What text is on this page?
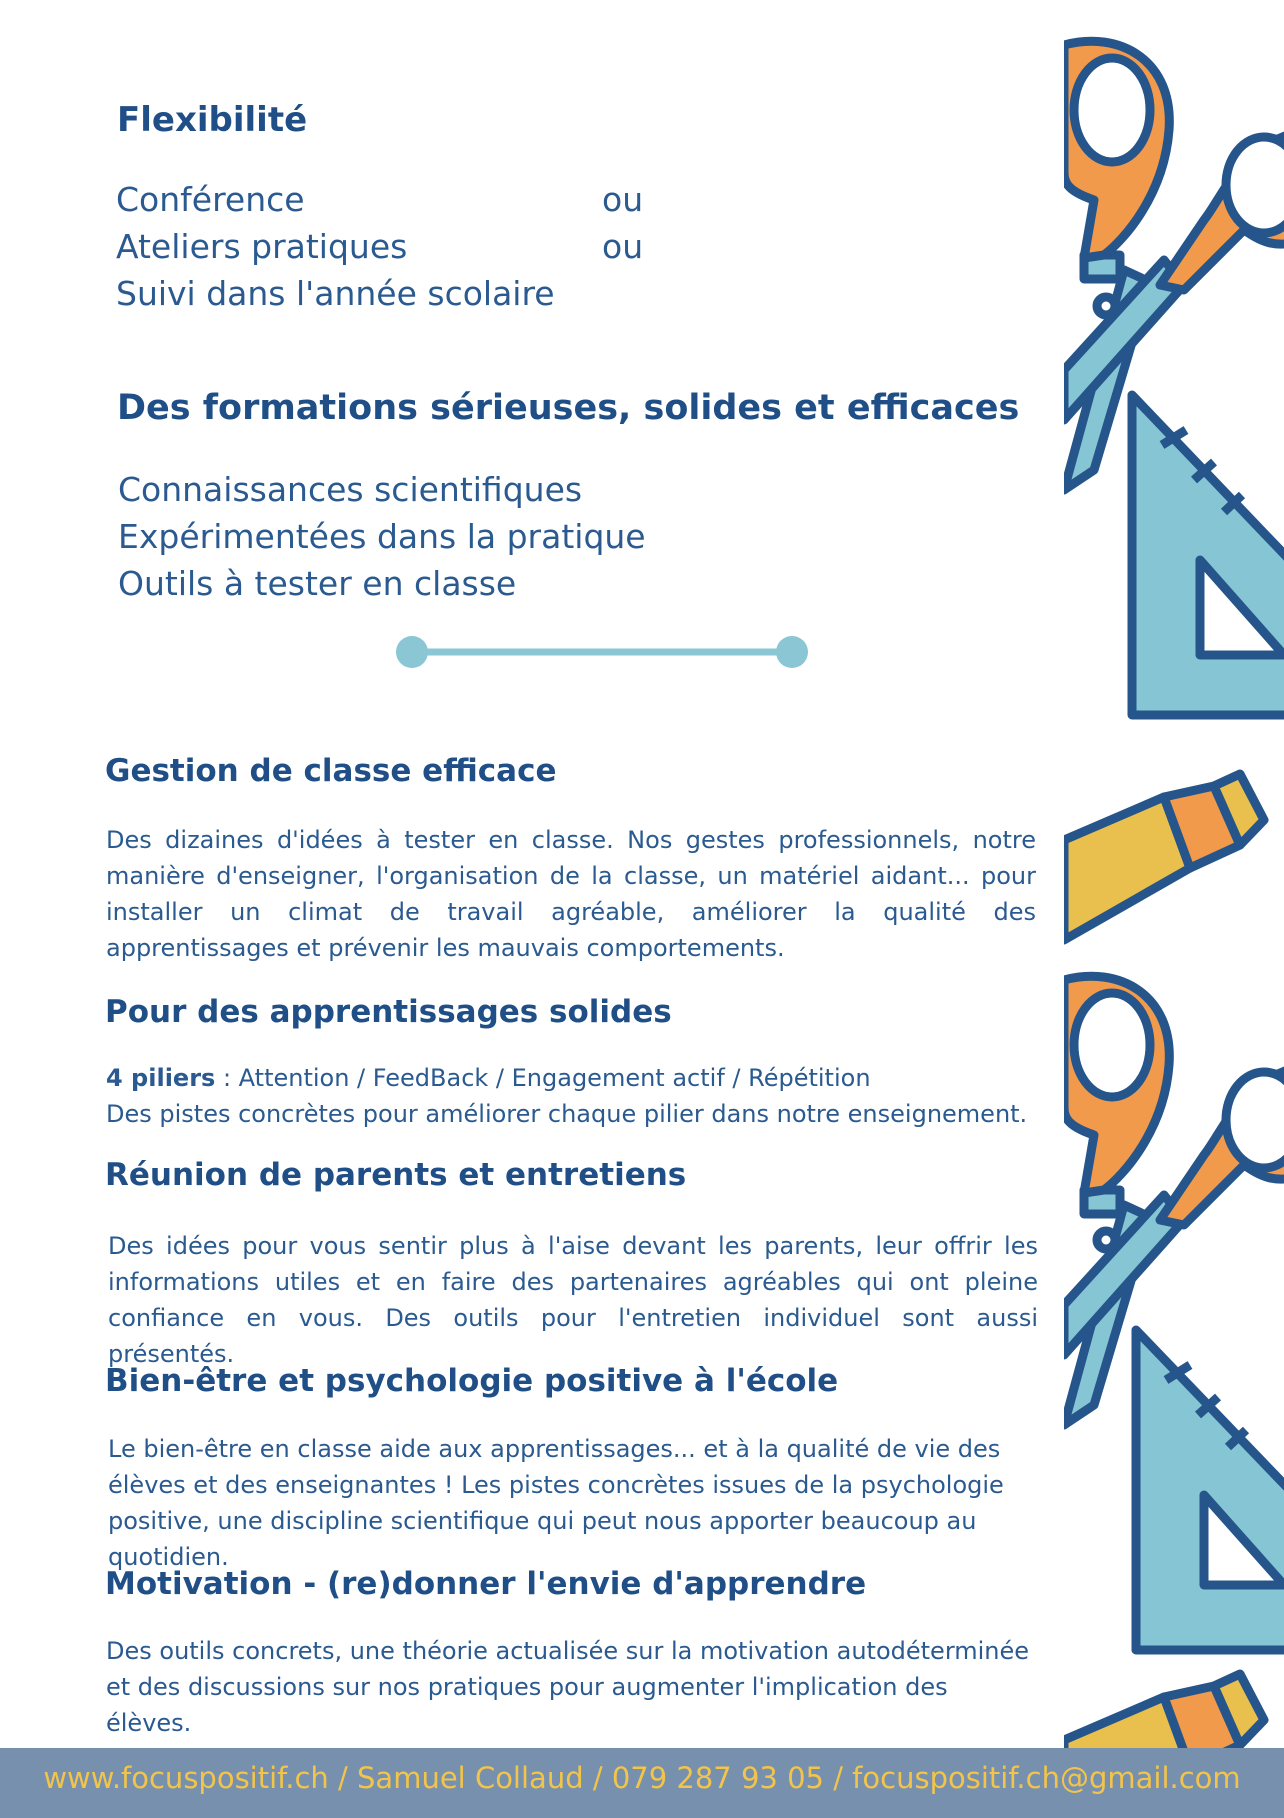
Flexibilité
Conférence	ou
Ateliers pratiques	ou
Suivi dans l'année scolaire
Des formations sérieuses, solides et efficaces
Connaissances scientifiques
Expérimentées dans la pratique
Outils à tester en classe
Gestion de classe efficace
Des dizaines d'idées à tester en classe. Nos gestes professionnels, notre manière d'enseigner, l'organisation de la classe, un matériel aidant... pour installer un climat de travail agréable, améliorer la qualité des apprentissages et prévenir les mauvais comportements.
Pour des apprentissages solides
4 piliers : Attention / FeedBack / Engagement actif / Répétition
Des pistes concrètes pour améliorer chaque pilier dans notre enseignement.
Réunion de parents et entretiens
Des idées pour vous sentir plus à l'aise devant les parents, leur offrir les informations utiles et en faire des partenaires agréables qui ont pleine confiance en vous. Des outils pour l'entretien individuel sont aussi présentés.
Bien-être et psychologie positive à l'école
Le bien-être en classe aide aux apprentissages... et à la qualité de vie des élèves et des enseignantes ! Les pistes concrètes issues de la psychologie positive, une discipline scientifique qui peut nous apporter beaucoup au quotidien.
Motivation - (re)donner l'envie d'apprendre
Des outils concrets, une théorie actualisée sur la motivation autodéterminée et des discussions sur nos pratiques pour augmenter l'implication des élèves.
www.focuspositif.ch / Samuel Collaud / 079 287 93 05 / focuspositif.ch@gmail.com
